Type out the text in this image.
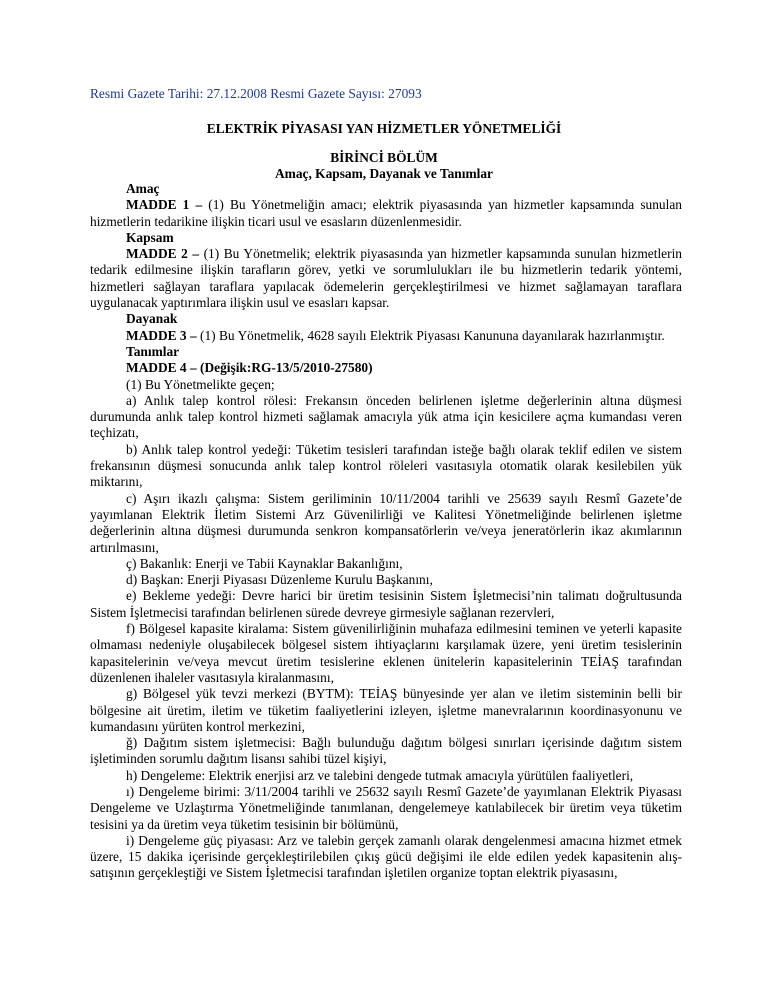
Resmi Gazete Tarihi: 27.12.2008 Resmi Gazete Sayısı: 27093
ELEKTRİK PİYASASI YAN HİZMETLER YÖNETMELİĞİ
BİRİNCİ BÖLÜM
Amaç, Kapsam, Dayanak ve Tanımlar

Amaç

MADDE 1 – (1) Bu Yönetmeliğin amacı; elektrik piyasasında yan hizmetler kapsamında sunulan hizmetlerin tedarikine ilişkin ticari usul ve esasların düzenlenmesidir.

Kapsam

MADDE 2 – (1) Bu Yönetmelik; elektrik piyasasında yan hizmetler kapsamında sunulan hizmetlerin tedarik edilmesine ilişkin tarafların görev, yetki ve sorumlulukları ile bu hizmetlerin tedarik yöntemi, hizmetleri sağlayan taraflara yapılacak ödemelerin gerçekleştirilmesi ve hizmet sağlamayan taraflara uygulanacak yaptırımlara ilişkin usul ve esasları kapsar.

Dayanak

MADDE 3 – (1) Bu Yönetmelik, 4628 sayılı Elektrik Piyasası Kanununa dayanılarak hazırlanmıştır.

Tanımlar

MADDE 4 – (Değişik:RG-13/5/2010-27580)

(1) Bu Yönetmelikte geçen;

a) Anlık talep kontrol rölesi: Frekansın önceden belirlenen işletme değerlerinin altına düşmesi durumunda anlık talep kontrol hizmeti sağlamak amacıyla yük atma için kesicilere açma kumandası veren teçhizatı,

b) Anlık talep kontrol yedeği: Tüketim tesisleri tarafından isteğe bağlı olarak teklif edilen ve sistem frekansının düşmesi sonucunda anlık talep kontrol röleleri vasıtasıyla otomatik olarak kesilebilen yük miktarını,

c) Aşırı ikazlı çalışma: Sistem geriliminin 10/11/2004 tarihli ve 25639 sayılı Resmî Gazete’de yayımlanan Elektrik İletim Sistemi Arz Güvenilirliği ve Kalitesi Yönetmeliğinde belirlenen işletme değerlerinin altına düşmesi durumunda senkron kompansatörlerin ve/veya jeneratörlerin ikaz akımlarının artırılmasını,

ç) Bakanlık: Enerji ve Tabii Kaynaklar Bakanlığını,

d) Başkan: Enerji Piyasası Düzenleme Kurulu Başkanını,

e) Bekleme yedeği: Devre harici bir üretim tesisinin Sistem İşletmecisi’nin talimatı doğrultusunda Sistem İşletmecisi tarafından belirlenen sürede devreye girmesiyle sağlanan rezervleri,

f) Bölgesel kapasite kiralama: Sistem güvenilirliğinin muhafaza edilmesini teminen ve yeterli kapasite olmaması nedeniyle oluşabilecek bölgesel sistem ihtiyaçlarını karşılamak üzere, yeni üretim tesislerinin kapasitelerinin ve/veya mevcut üretim tesislerine eklenen ünitelerin kapasitelerinin TEİAŞ tarafından düzenlenen ihaleler vasıtasıyla kiralanmasını,

g) Bölgesel yük tevzi merkezi (BYTM): TEİAŞ bünyesinde yer alan ve iletim sisteminin belli bir bölgesine ait üretim, iletim ve tüketim faaliyetlerini izleyen, işletme manevralarının koordinasyonunu ve kumandasını yürüten kontrol merkezini,

ğ) Dağıtım sistem işletmecisi: Bağlı bulunduğu dağıtım bölgesi sınırları içerisinde dağıtım sistem işletiminden sorumlu dağıtım lisansı sahibi tüzel kişiyi,

h) Dengeleme: Elektrik enerjisi arz ve talebini dengede tutmak amacıyla yürütülen faaliyetleri,

ı) Dengeleme birimi: 3/11/2004 tarihli ve 25632 sayılı Resmî Gazete’de yayımlanan Elektrik Piyasası Dengeleme ve Uzlaştırma Yönetmeliğinde tanımlanan, dengelemeye katılabilecek bir üretim veya tüketim tesisini ya da üretim veya tüketim tesisinin bir bölümünü,

i) Dengeleme güç piyasası: Arz ve talebin gerçek zamanlı olarak dengelenmesi amacına hizmet etmek üzere, 15 dakika içerisinde gerçekleştirilebilen çıkış gücü değişimi ile elde edilen yedek kapasitenin alış-satışının gerçekleştiği ve Sistem İşletmecisi tarafından işletilen organize toptan elektrik piyasasını,
